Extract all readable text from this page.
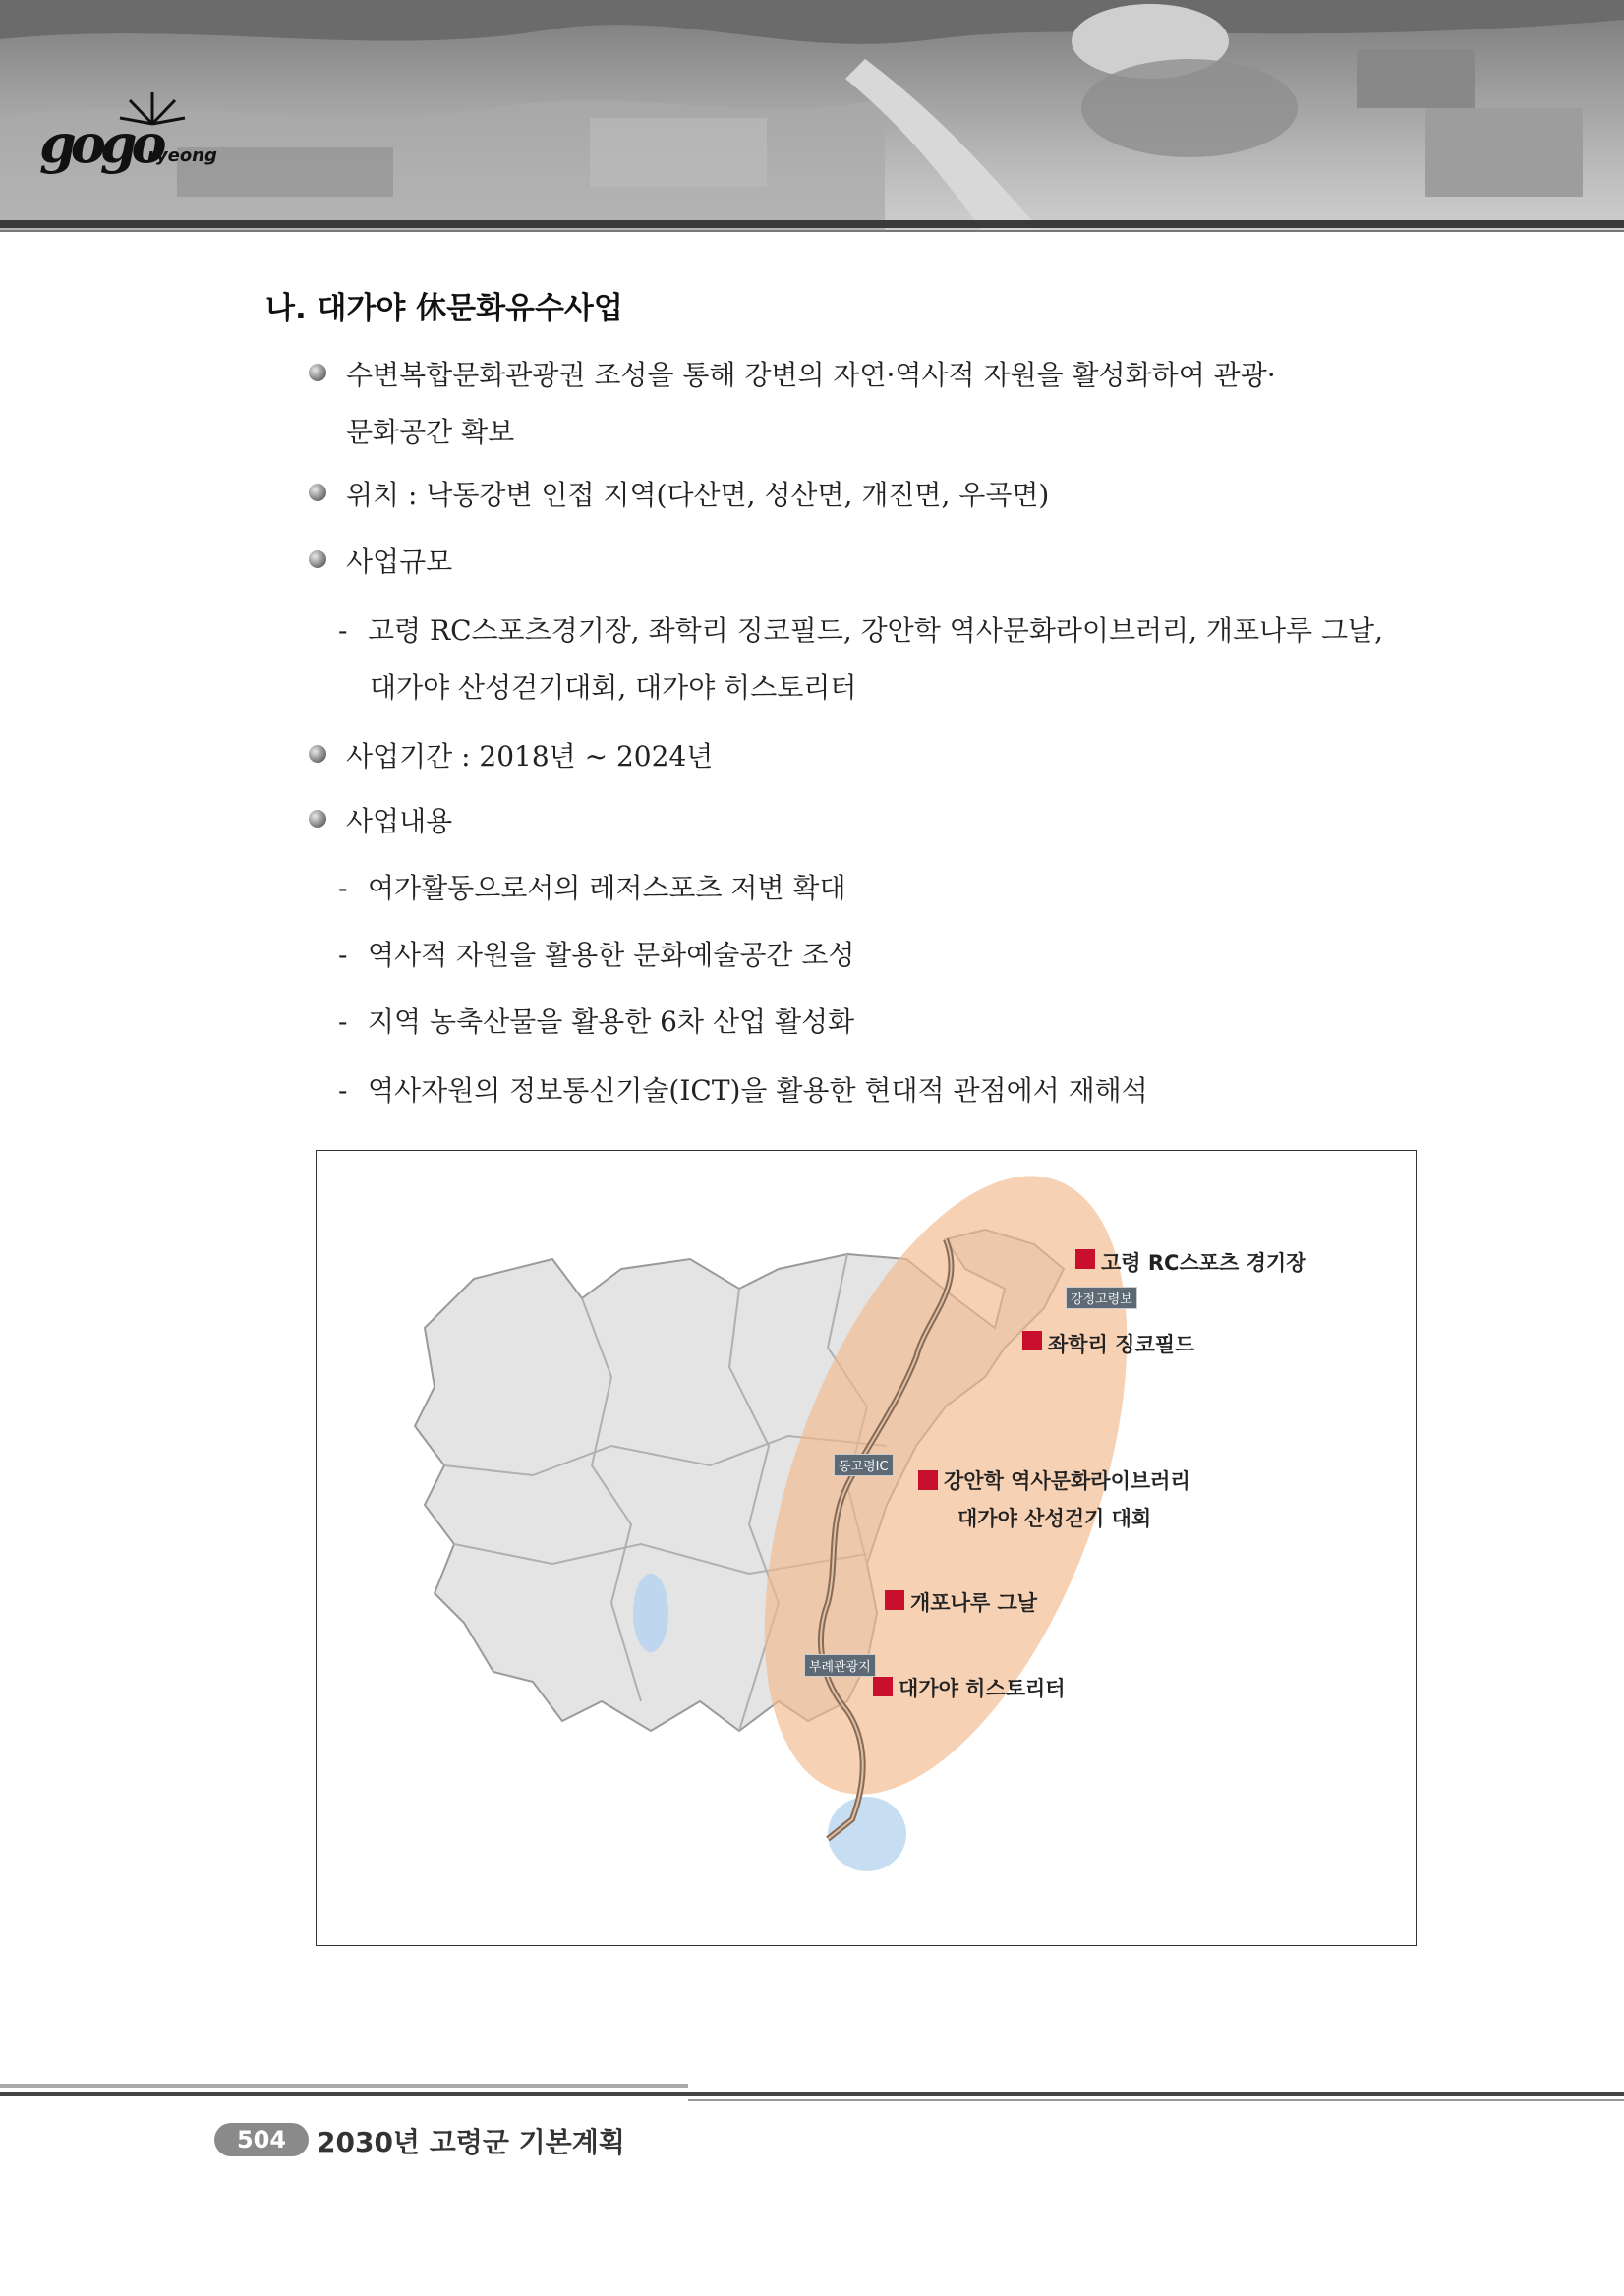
gogo
ryeong
나. 대가야 休문화유수사업
수변복합문화관광권 조성을 통해 강변의 자연·역사적 자원을 활성화하여 관광·
문화공간 확보
위치 : 낙동강변 인접 지역(다산면, 성산면, 개진면, 우곡면)
사업규모
- 고령 RC스포츠경기장, 좌학리 징코필드, 강안학 역사문화라이브러리, 개포나루 그날,
대가야 산성걷기대회, 대가야 히스토리터
사업기간 : 2018년 ~ 2024년
사업내용
- 여가활동으로서의 레저스포츠 저변 확대
- 역사적 자원을 활용한 문화예술공간 조성
- 지역 농축산물을 활용한 6차 산업 활성화
- 역사자원의 정보통신기술(ICT)을 활용한 현대적 관점에서 재해석
고령 RC스포츠 경기장
좌학리 징코필드
강안학 역사문화라이브러리
대가야 산성걷기 대회
개포나루 그날
대가야 히스토리터
강정고령보
동고령IC
부례관광지
504	2030년 고령군 기본계획
